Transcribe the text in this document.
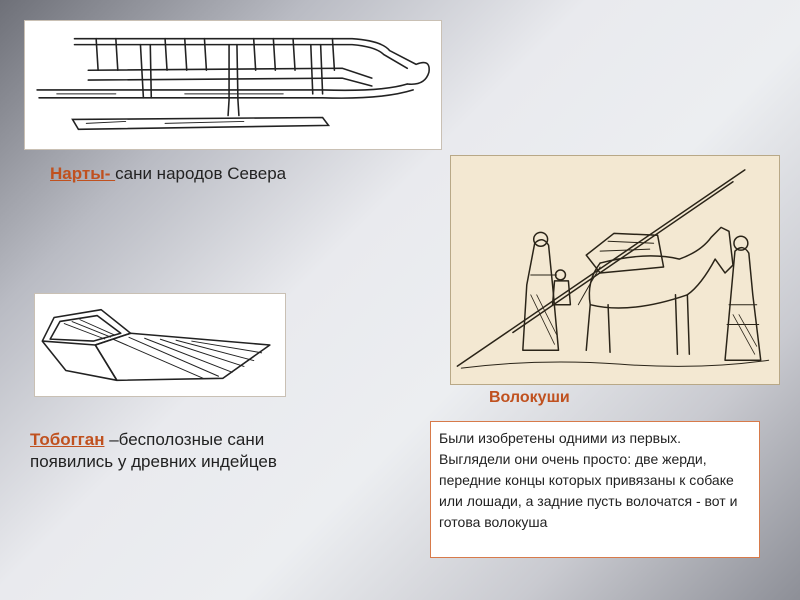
Нарты- сани народов Севера
Тобогган –бесполозные сани
появились у древних индейцев
Волокуши
Были изобретены одними из первых. Выглядели они очень просто: две жерди, передние концы которых привязаны к собаке или лошади, а задние пусть волочатся - вот и готова волокуша
